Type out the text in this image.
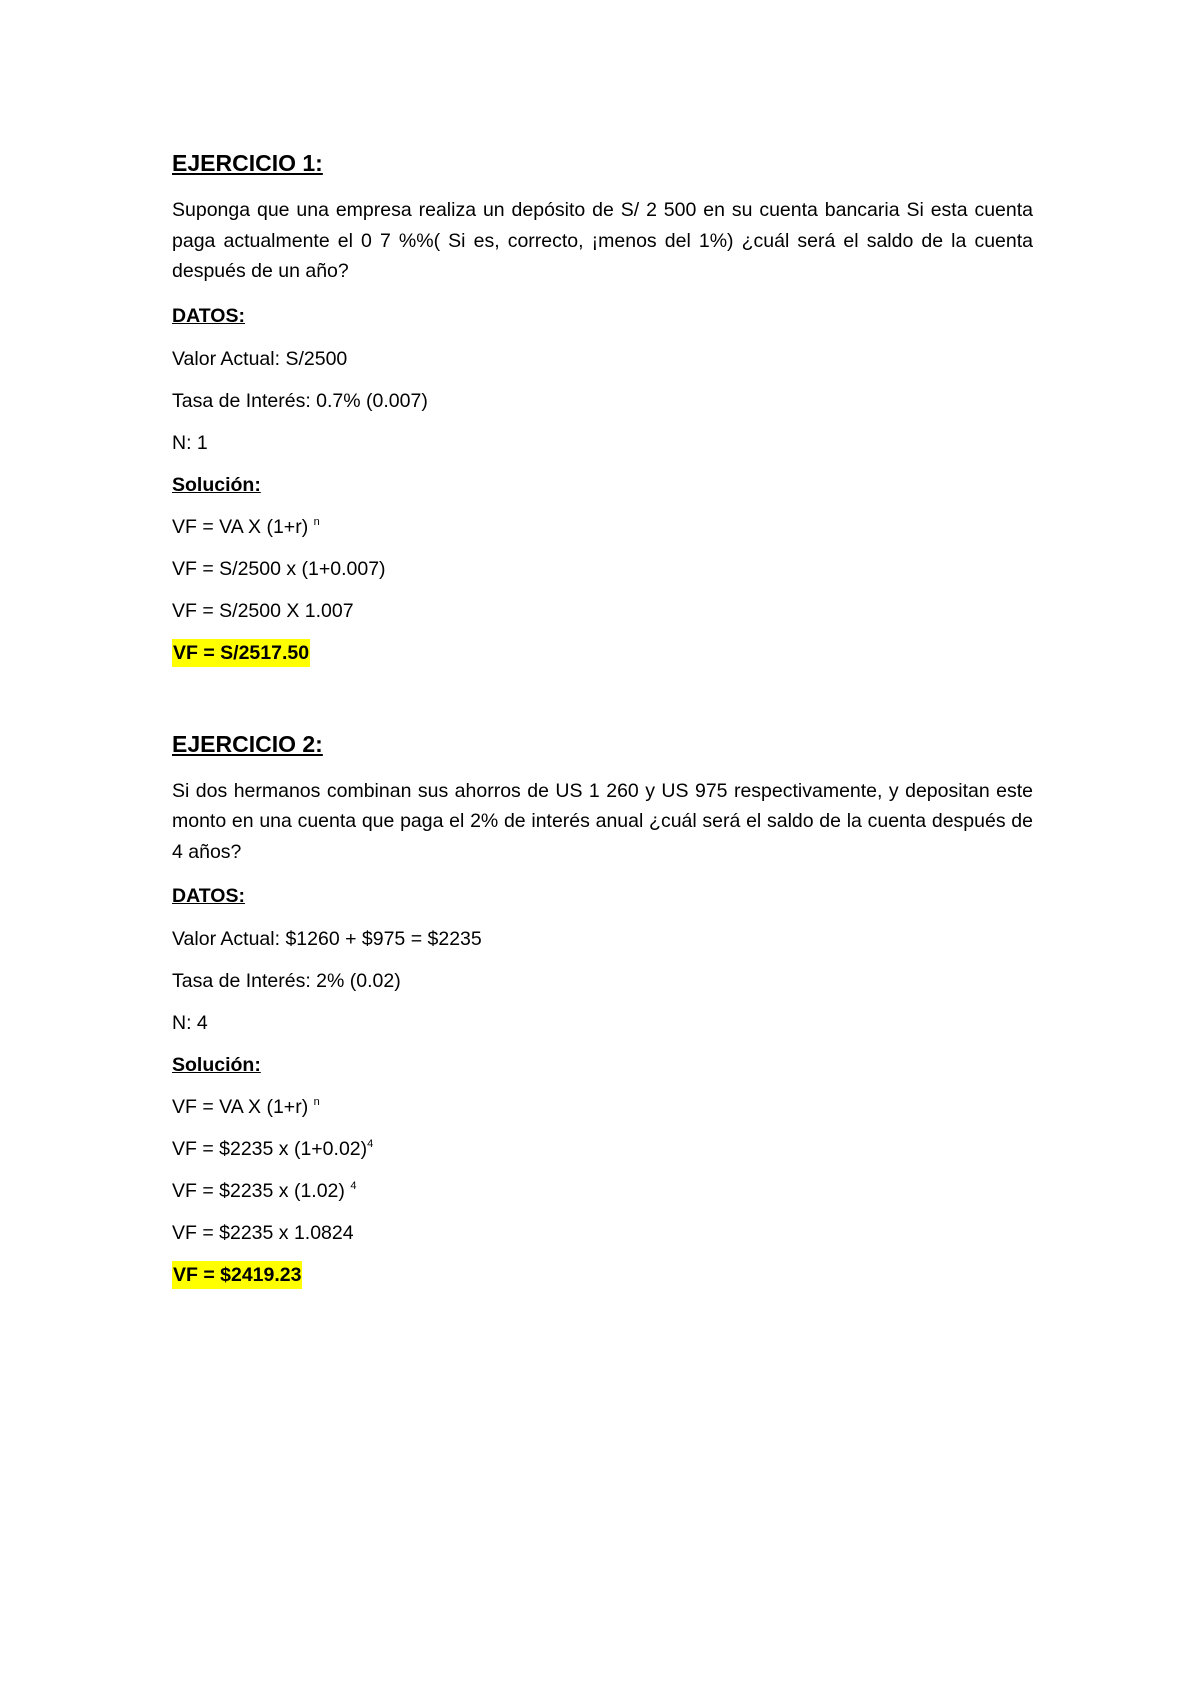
EJERCICIO 1:

Suponga que una empresa realiza un depósito de S/ 2 500 en su cuenta bancaria Si esta cuenta paga actualmente el 0 7 %%( Si es, correcto, ¡menos del 1%) ¿cuál será el saldo de la cuenta después de un año?

DATOS:

Valor Actual: S/2500

Tasa de Interés: 0.7% (0.007)

N: 1

Solución:

VF = VA X (1+r) $^n$

VF = S/2500 x (1+0.007)

VF = S/2500 X 1.007

VF = S/2517.50

EJERCICIO 2:

Si dos hermanos combinan sus ahorros de US 1 260 y US 975 respectivamente, y depositan este monto en una cuenta que paga el 2% de interés anual ¿cuál será el saldo de la cuenta después de 4 años?

DATOS:

Valor Actual: $1260 + $975 = $2235

Tasa de Interés: 2% (0.02)

N: 4

Solución:

VF = VA X (1+r) $^n$

VF = $2235 x $(1+0.02)^4$

VF = $2235 x (1.02) $^4$

VF = $2235 x 1.0824

VF = $2419.23
